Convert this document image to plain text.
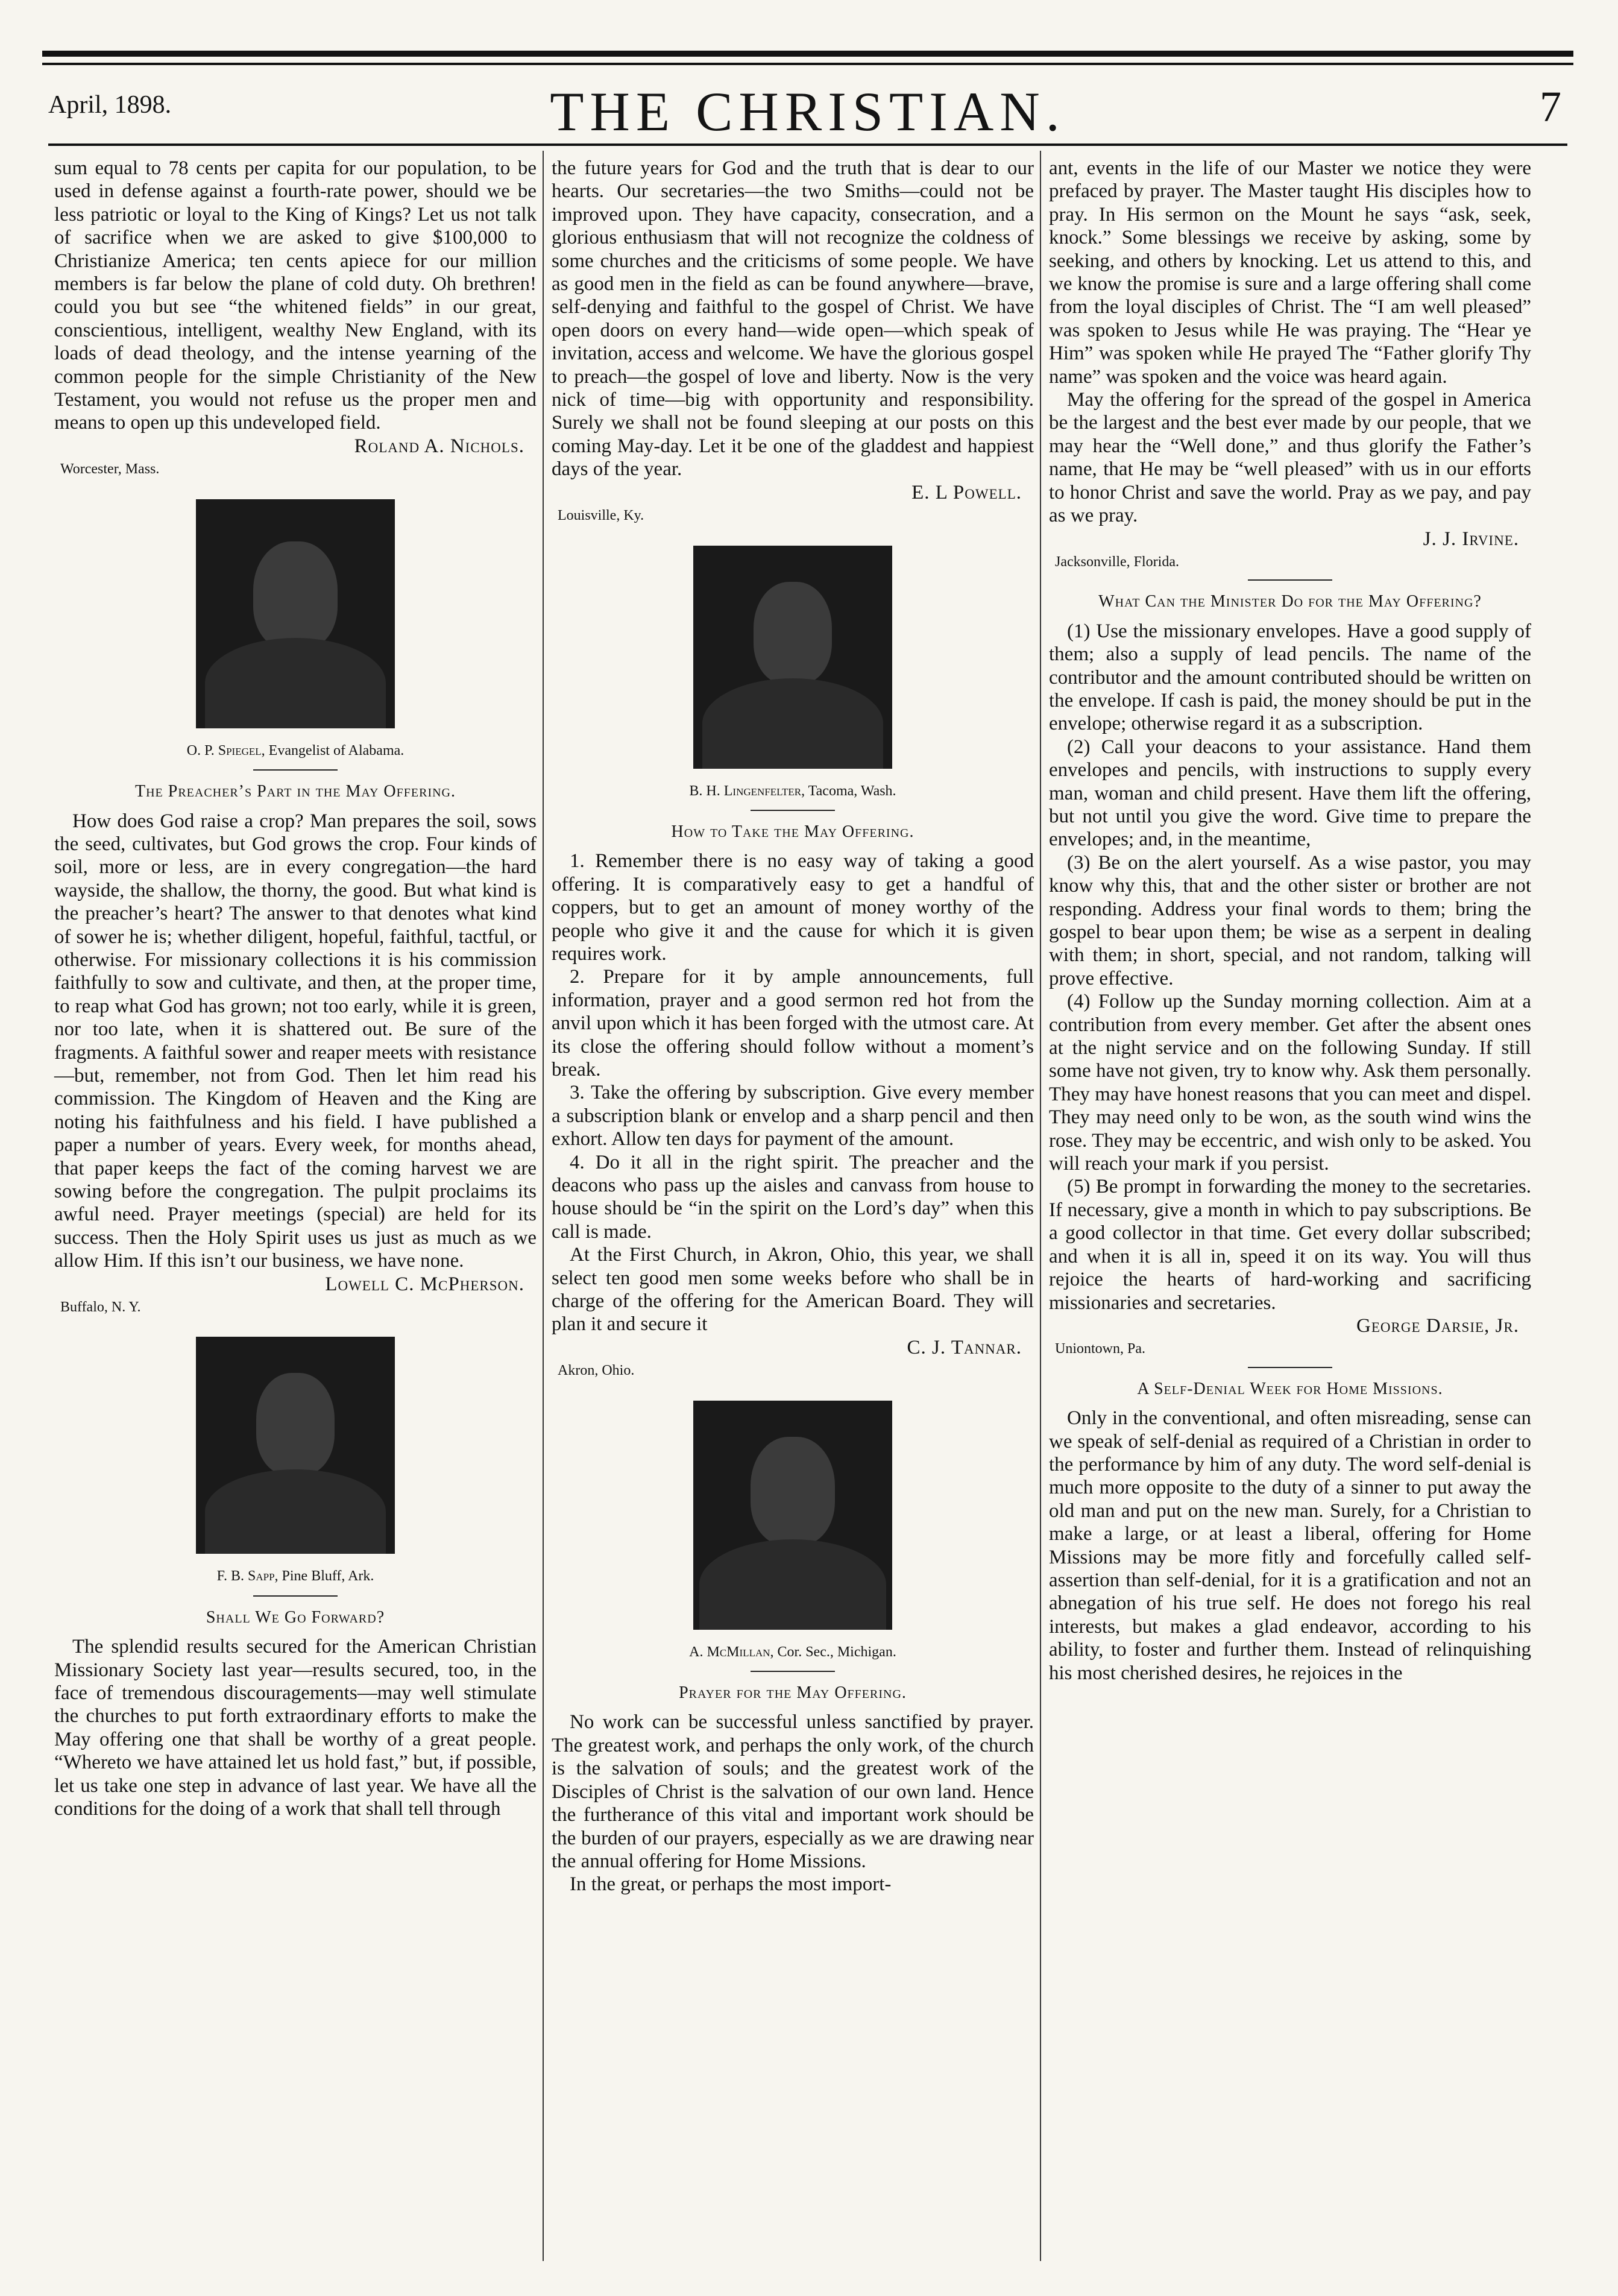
April, 1898.	THE CHRISTIAN.	7

sum equal to 78 cents per capita for our population, to be used in defense against a fourth-rate power, should we be less patriotic or loyal to the King of Kings? Let us not talk of sacrifice when we are asked to give $100,000 to Christianize America; ten cents apiece for our million members is far below the plane of cold duty. Oh brethren! could you but see “the whitened fields” in our great, conscientious, intelligent, wealthy New England, with its loads of dead theology, and the intense yearning of the common people for the simple Christianity of the New Testament, you would not refuse us the proper men and means to open up this undeveloped field.

Roland A. Nichols.
Worcester, Mass.
O. P. Spiegel, Evangelist of Alabama.
The Preacher’s Part in the May Offering.

How does God raise a crop? Man prepares the soil, sows the seed, cultivates, but God grows the crop. Four kinds of soil, more or less, are in every congregation—the hard wayside, the shallow, the thorny, the good. But what kind is the preacher’s heart? The answer to that denotes what kind of sower he is; whether diligent, hopeful, faithful, tactful, or otherwise. For missionary collections it is his commission faithfully to sow and cultivate, and then, at the proper time, to reap what God has grown; not too early, while it is green, nor too late, when it is shattered out. Be sure of the fragments. A faithful sower and reaper meets with resistance—but, remember, not from God. Then let him read his commission. The Kingdom of Heaven and the King are noting his faithfulness and his field. I have published a paper a number of years. Every week, for months ahead, that paper keeps the fact of the coming harvest we are sowing before the congregation. The pulpit proclaims its awful need. Prayer meetings (special) are held for its success. Then the Holy Spirit uses us just as much as we allow Him. If this isn’t our business, we have none.

Lowell C. McPherson.
Buffalo, N. Y.
F. B. Sapp, Pine Bluff, Ark.
Shall We Go Forward?

The splendid results secured for the American Christian Missionary Society last year—results secured, too, in the face of tremendous discouragements—may well stimulate the churches to put forth extraordinary efforts to make the May offering one that shall be worthy of a great people. “Whereto we have attained let us hold fast,” but, if possible, let us take one step in advance of last year. We have all the conditions for the doing of a work that shall tell through

the future years for God and the truth that is dear to our hearts. Our secretaries—the two Smiths—could not be improved upon. They have capacity, consecration, and a glorious enthusiasm that will not recognize the coldness of some churches and the criticisms of some people. We have as good men in the field as can be found anywhere—brave, self-denying and faithful to the gospel of Christ. We have open doors on every hand—wide open—which speak of invitation, access and welcome. We have the glorious gospel to preach—the gospel of love and liberty. Now is the very nick of time—big with opportunity and responsibility. Surely we shall not be found sleeping at our posts on this coming May-day. Let it be one of the gladdest and happiest days of the year.

E. L Powell.
Louisville, Ky.
B. H. Lingenfelter, Tacoma, Wash.
How to Take the May Offering.

1. Remember there is no easy way of taking a good offering. It is comparatively easy to get a handful of coppers, but to get an amount of money worthy of the people who give it and the cause for which it is given requires work.

2. Prepare for it by ample announcements, full information, prayer and a good sermon red hot from the anvil upon which it has been forged with the utmost care. At its close the offering should follow without a moment’s break.

3. Take the offering by subscription. Give every member a subscription blank or envelop and a sharp pencil and then exhort. Allow ten days for payment of the amount.

4. Do it all in the right spirit. The preacher and the deacons who pass up the aisles and canvass from house to house should be “in the spirit on the Lord’s day” when this call is made.

At the First Church, in Akron, Ohio, this year, we shall select ten good men some weeks before who shall be in charge of the offering for the American Board. They will plan it and secure it

C. J. Tannar.
Akron, Ohio.
A. McMillan, Cor. Sec., Michigan.
Prayer for the May Offering.

No work can be successful unless sanctified by prayer. The greatest work, and perhaps the only work, of the church is the salvation of souls; and the greatest work of the Disciples of Christ is the salvation of our own land. Hence the furtherance of this vital and important work should be the burden of our prayers, especially as we are drawing near the annual offering for Home Missions.

In the great, or perhaps the most import-

ant, events in the life of our Master we notice they were prefaced by prayer. The Master taught His disciples how to pray. In His sermon on the Mount he says “ask, seek, knock.” Some blessings we receive by asking, some by seeking, and others by knocking. Let us attend to this, and we know the promise is sure and a large offering shall come from the loyal disciples of Christ. The “I am well pleased” was spoken to Jesus while He was praying. The “Hear ye Him” was spoken while He prayed The “Father glorify Thy name” was spoken and the voice was heard again.

May the offering for the spread of the gospel in America be the largest and the best ever made by our people, that we may hear the “Well done,” and thus glorify the Father’s name, that He may be “well pleased” with us in our efforts to honor Christ and save the world. Pray as we pay, and pay as we pray.

J. J. Irvine.
Jacksonville, Florida.
What Can the Minister Do for the May Offering?

(1) Use the missionary envelopes. Have a good supply of them; also a supply of lead pencils. The name of the contributor and the amount contributed should be written on the envelope. If cash is paid, the money should be put in the envelope; otherwise regard it as a subscription.

(2) Call your deacons to your assistance. Hand them envelopes and pencils, with instructions to supply every man, woman and child present. Have them lift the offering, but not until you give the word. Give time to prepare the envelopes; and, in the meantime,

(3) Be on the alert yourself. As a wise pastor, you may know why this, that and the other sister or brother are not responding. Address your final words to them; bring the gospel to bear upon them; be wise as a serpent in dealing with them; in short, special, and not random, talking will prove effective.

(4) Follow up the Sunday morning collection. Aim at a contribution from every member. Get after the absent ones at the night service and on the following Sunday. If still some have not given, try to know why. Ask them personally. They may have honest reasons that you can meet and dispel. They may need only to be won, as the south wind wins the rose. They may be eccentric, and wish only to be asked. You will reach your mark if you persist.

(5) Be prompt in forwarding the money to the secretaries. If necessary, give a month in which to pay subscriptions. Be a good collector in that time. Get every dollar subscribed; and when it is all in, speed it on its way. You will thus rejoice the hearts of hard-working and sacrificing missionaries and secretaries.

George Darsie, Jr.
Uniontown, Pa.
A Self-Denial Week for Home Missions.

Only in the conventional, and often misreading, sense can we speak of self-denial as required of a Christian in order to the performance by him of any duty. The word self-denial is much more opposite to the duty of a sinner to put away the old man and put on the new man. Surely, for a Christian to make a large, or at least a liberal, offering for Home Missions may be more fitly and forcefully called self-assertion than self-denial, for it is a gratification and not an abnegation of his true self. He does not forego his real interests, but makes a glad endeavor, according to his ability, to foster and further them. Instead of relinquishing his most cherished desires, he rejoices in the
